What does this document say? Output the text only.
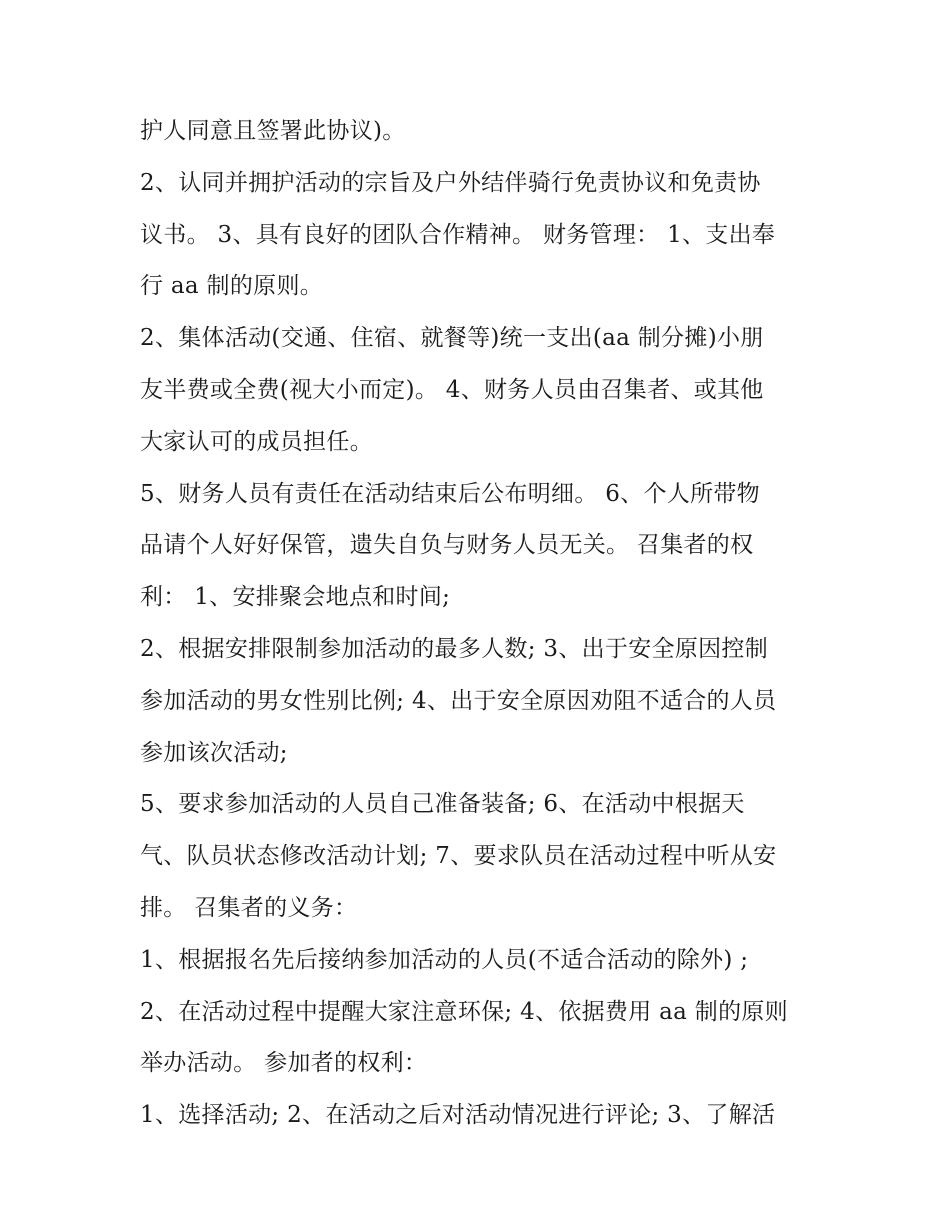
护人同意且签署此协议)。
2、认同并拥护活动的宗旨及户外结伴骑行免责协议和免责协
议书。 3、具有良好的团队合作精神。 财务管理： 1、支出奉
行 aa 制的原则。
2、集体活动(交通、住宿、就餐等)统一支出(aa 制分摊)小朋
友半费或全费(视大小而定)。 4、财务人员由召集者、或其他
大家认可的成员担任。
5、财务人员有责任在活动结束后公布明细。 6、个人所带物
品请个人好好保管，遗失自负与财务人员无关。 召集者的权
利： 1、安排聚会地点和时间;
2、根据安排限制参加活动的最多人数; 3、出于安全原因控制
参加活动的男女性别比例; 4、出于安全原因劝阻不适合的人员
参加该次活动;
5、要求参加活动的人员自己准备装备; 6、在活动中根据天
气、队员状态修改活动计划; 7、要求队员在活动过程中听从安
排。 召集者的义务：
1、根据报名先后接纳参加活动的人员(不适合活动的除外) ;
2、在活动过程中提醒大家注意环保; 4、依据费用 aa 制的原则
举办活动。 参加者的权利：
1、选择活动; 2、在活动之后对活动情况进行评论; 3、了解活
